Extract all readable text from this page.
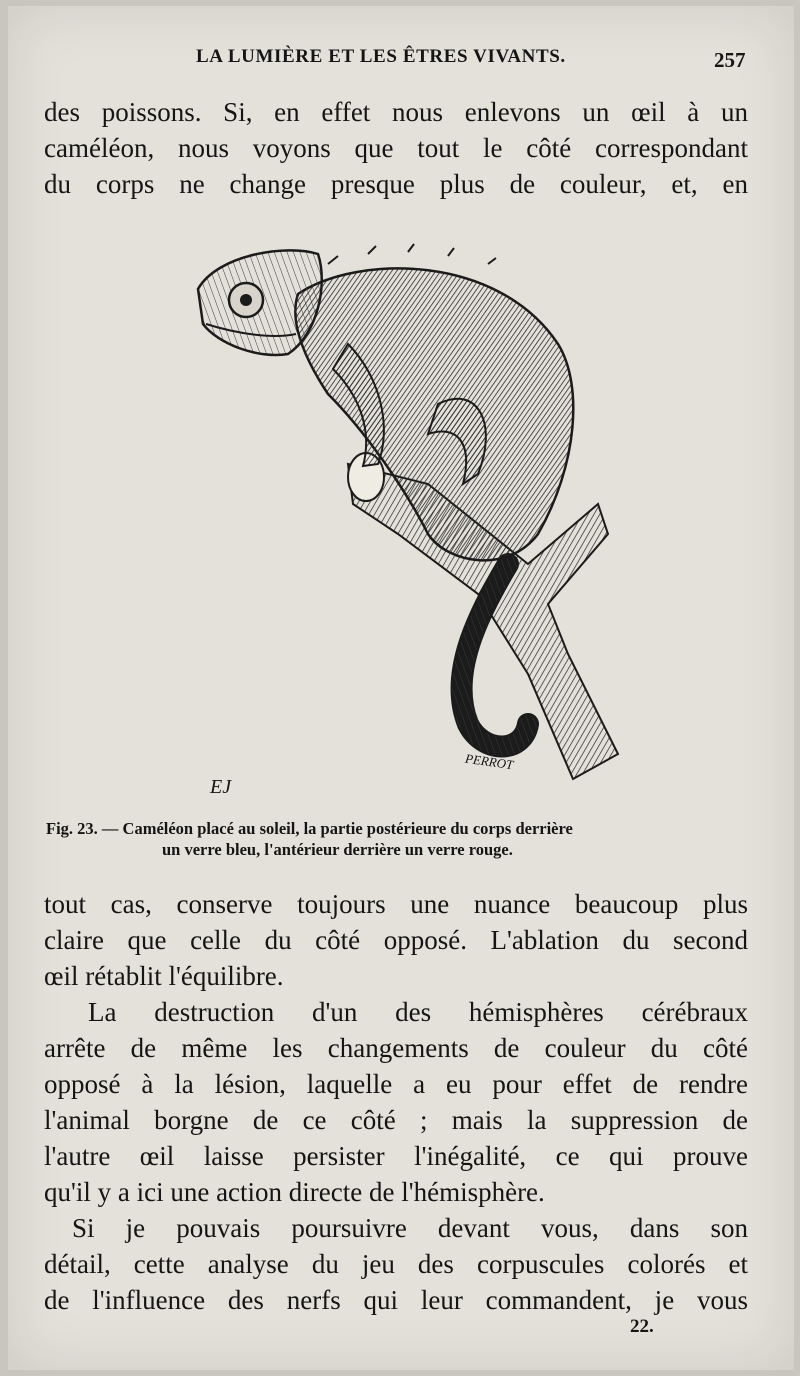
LA LUMIÈRE ET LES ÊTRES VIVANTS.	257
des poissons. Si, en effet nous enlevons un œil à un
caméléon, nous voyons que tout le côté correspondant
du corps ne change presque plus de couleur, et, en
PERROT
EJ
Fig. 23. — Caméléon placé au soleil, la partie postérieure du corps derrière
un verre bleu, l'antérieur derrière un verre rouge.
tout cas, conserve toujours une nuance beaucoup plus
claire que celle du côté opposé. L'ablation du second
œil rétablit l'équilibre.
La destruction d'un des hémisphères cérébraux
arrête de même les changements de couleur du côté
opposé à la lésion, laquelle a eu pour effet de rendre
l'animal borgne de ce côté ; mais la suppression de
l'autre œil laisse persister l'inégalité, ce qui prouve
qu'il y a ici une action directe de l'hémisphère.
Si je pouvais poursuivre devant vous, dans son
détail, cette analyse du jeu des corpuscules colorés et
de l'influence des nerfs qui leur commandent, je vous
22.
